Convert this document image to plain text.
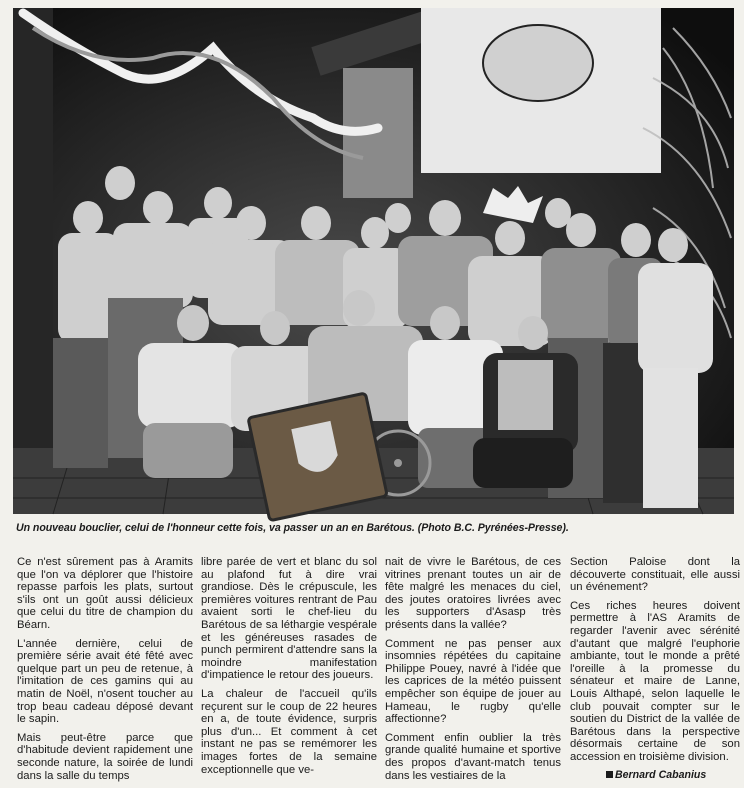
Un nouveau bouclier, celui de l'honneur cette fois, va passer un an en Barétous. (Photo B.C. Pyrénées-Presse).

Ce n'est sûrement pas à Aramits que l'on va déplorer que l'histoire repasse parfois les plats, surtout s'ils ont un goût aussi délicieux que celui du titre de champion du Béarn.

L'année dernière, celui de première série avait été fêté avec quelque part un peu de retenue, à l'imitation de ces gamins qui au matin de Noël, n'osent toucher au trop beau cadeau déposé devant le sapin.

Mais peut-être parce que d'habitude devient rapidement une seconde nature, la soirée de lundi dans la salle du temps

libre parée de vert et blanc du sol au plafond fut à dire vrai grandiose. Dès le crépuscule, les premières voitures rentrant de Pau avaient sorti le chef-lieu du Barétous de sa léthargie vespérale et les généreuses rasades de punch permirent d'attendre sans la moindre manifestation d'impatience le retour des joueurs.

La chaleur de l'accueil qu'ils reçurent sur le coup de 22 heures en a, de toute évidence, surpris plus d'un... Et comment à cet instant ne pas se remémorer les images fortes de la semaine exceptionnelle que ve-

nait de vivre le Barétous, de ces vitrines prenant toutes un air de fête malgré les menaces du ciel, des joutes oratoires livrées avec les supporters d'Asasp très présents dans la vallée?

Comment ne pas penser aux insomnies répétées du capitaine Philippe Pouey, navré à l'idée que les caprices de la météo puissent empêcher son équipe de jouer au Hameau, le rugby qu'elle affectionne?

Comment enfin oublier la très grande qualité humaine et sportive des propos d'avant-match tenus dans les vestiaires de la

Section Paloise dont la découverte constituait, elle aussi un événement?

Ces riches heures doivent permettre à l'AS Aramits de regarder l'avenir avec sérénité d'autant que malgré l'euphorie ambiante, tout le monde a prêté l'oreille à la promesse du sénateur et maire de Lanne, Louis Althapé, selon laquelle le club pouvait compter sur le soutien du District de la vallée de Barétous dans la perspective désormais certaine de son accession en troisième division.

Bernard Cabanius
